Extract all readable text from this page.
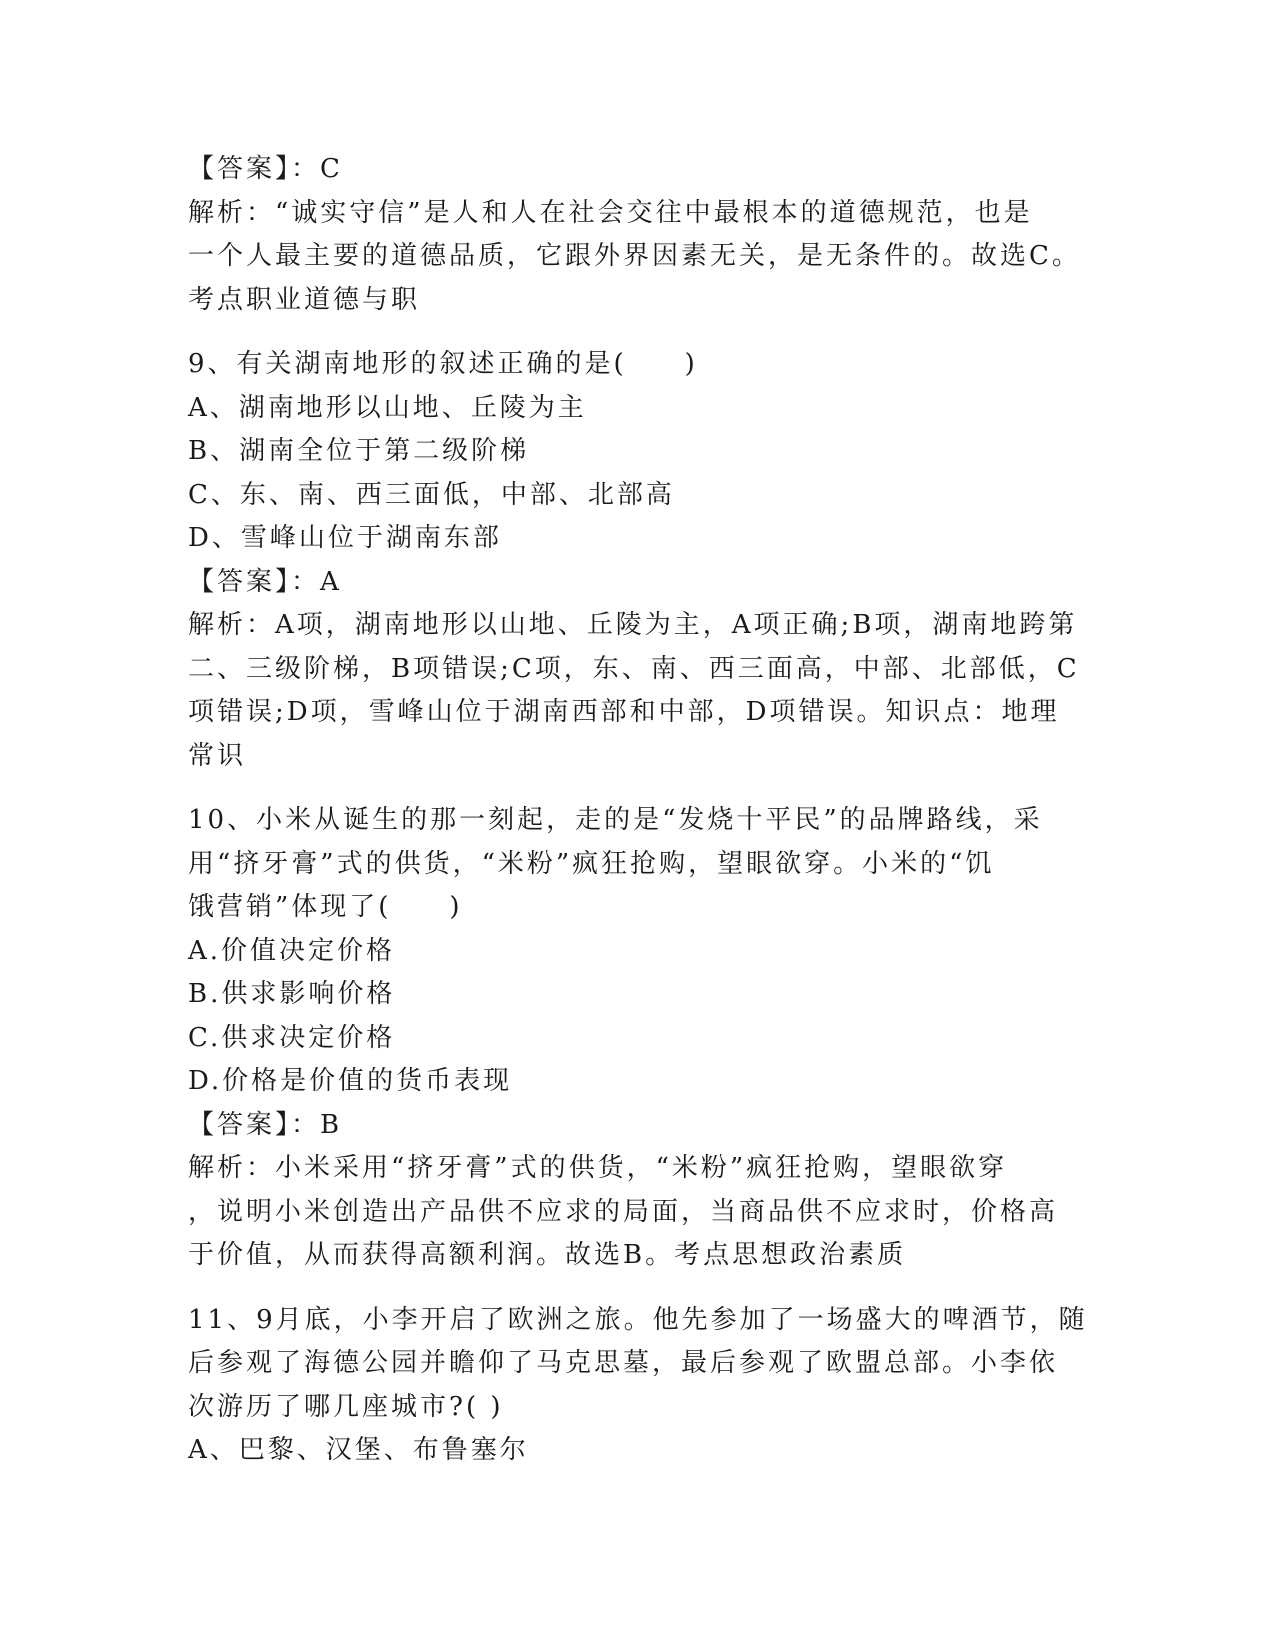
【答案】：C
解析：“诚实守信”是人和人在社会交往中最根本的道德规范，也是
一个人最主要的道德品质，它跟外界因素无关，是无条件的。故选C。
考点职业道德与职
9、有关湖南地形的叙述正确的是(　　)
A、湖南地形以山地、丘陵为主
B、湖南全位于第二级阶梯
C、东、南、西三面低，中部、北部高
D、雪峰山位于湖南东部
【答案】：A
解析：A项，湖南地形以山地、丘陵为主，A项正确;B项，湖南地跨第
二、三级阶梯，B项错误;C项，东、南、西三面高，中部、北部低，C
项错误;D项，雪峰山位于湖南西部和中部，D项错误。知识点：地理
常识
10、小米从诞生的那一刻起，走的是“发烧十平民”的品牌路线，采
用“挤牙膏”式的供货，“米粉”疯狂抢购，望眼欲穿。小米的“饥
饿营销”体现了(　　)
A.价值决定价格
B.供求影响价格
C.供求决定价格
D.价格是价值的货币表现
【答案】：B
解析：小米采用“挤牙膏”式的供货，“米粉”疯狂抢购，望眼欲穿
，说明小米创造出产品供不应求的局面，当商品供不应求时，价格高
于价值，从而获得高额利润。故选B。考点思想政治素质
11、9月底，小李开启了欧洲之旅。他先参加了一场盛大的啤酒节，随
后参观了海德公园并瞻仰了马克思墓，最后参观了欧盟总部。小李依
次游历了哪几座城市?( )
A、巴黎、汉堡、布鲁塞尔
